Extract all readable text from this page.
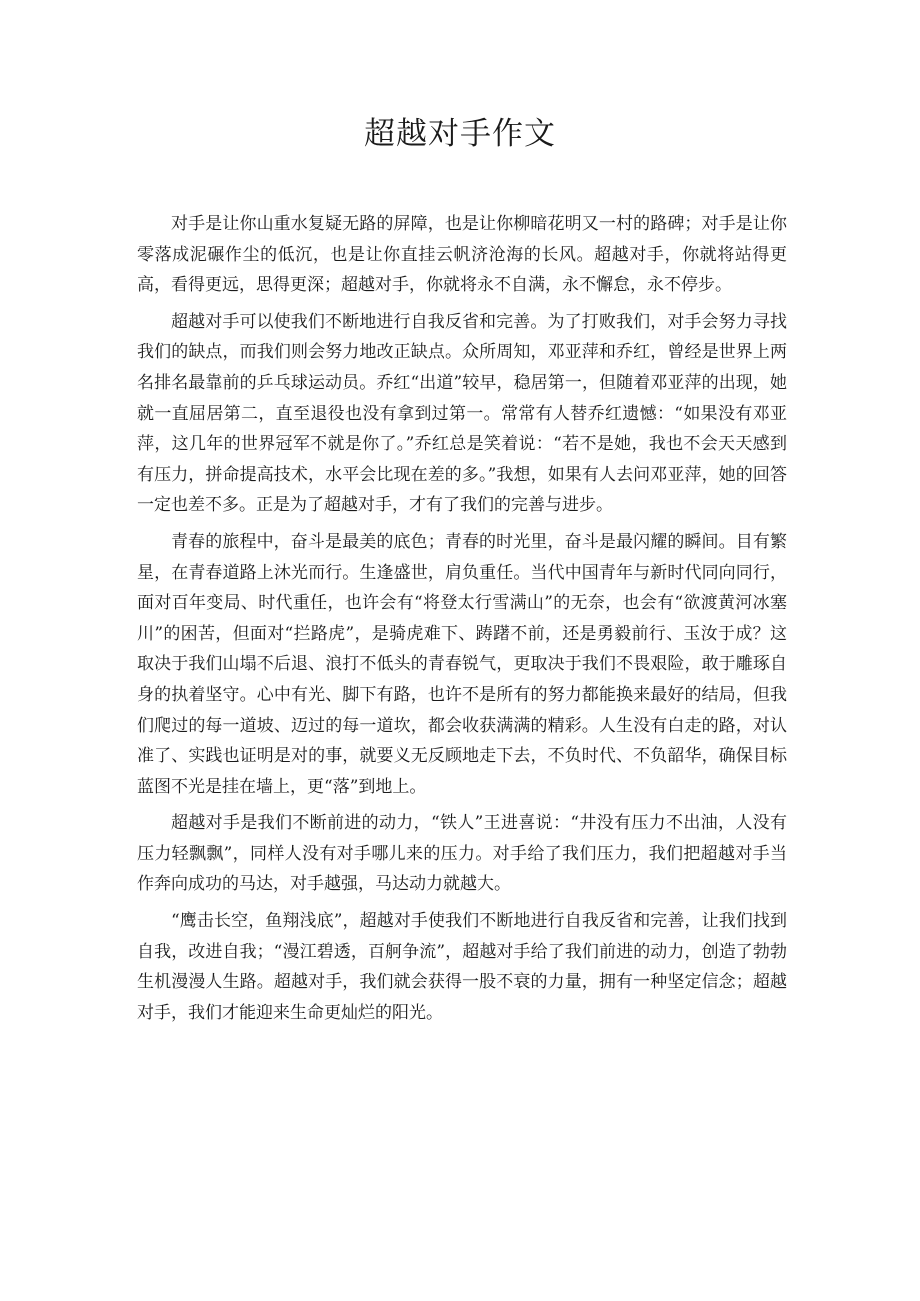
超越对手作文

对手是让你山重水复疑无路的屏障，也是让你柳暗花明又一村的路碑；对手是让你零落成泥碾作尘的低沉，也是让你直挂云帆济沧海的长风。超越对手，你就将站得更高，看得更远，思得更深；超越对手，你就将永不自满，永不懈怠，永不停步。

超越对手可以使我们不断地进行自我反省和完善。为了打败我们，对手会努力寻找我们的缺点，而我们则会努力地改正缺点。众所周知，邓亚萍和乔红，曾经是世界上两名排名最靠前的乒乓球运动员。乔红“出道”较早，稳居第一，但随着邓亚萍的出现，她就一直屈居第二，直至退役也没有拿到过第一。常常有人替乔红遗憾：“如果没有邓亚萍，这几年的世界冠军不就是你了。”乔红总是笑着说：“若不是她，我也不会天天感到有压力，拼命提高技术，水平会比现在差的多。”我想，如果有人去问邓亚萍，她的回答一定也差不多。正是为了超越对手，才有了我们的完善与进步。

青春的旅程中，奋斗是最美的底色；青春的时光里，奋斗是最闪耀的瞬间。目有繁星，在青春道路上沐光而行。生逢盛世，肩负重任。当代中国青年与新时代同向同行，面对百年变局、时代重任，也许会有“将登太行雪满山”的无奈，也会有“欲渡黄河冰塞川”的困苦，但面对“拦路虎”，是骑虎难下、踌躇不前，还是勇毅前行、玉汝于成？这取决于我们山塌不后退、浪打不低头的青春锐气，更取决于我们不畏艰险，敢于雕琢自身的执着坚守。心中有光、脚下有路，也许不是所有的努力都能换来最好的结局，但我们爬过的每一道坡、迈过的每一道坎，都会收获满满的精彩。人生没有白走的路，对认准了、实践也证明是对的事，就要义无反顾地走下去，不负时代、不负韶华，确保目标蓝图不光是挂在墙上，更“落”到地上。

超越对手是我们不断前进的动力，“铁人”王进喜说：“井没有压力不出油，人没有压力轻飘飘”，同样人没有对手哪儿来的压力。对手给了我们压力，我们把超越对手当作奔向成功的马达，对手越强，马达动力就越大。

“鹰击长空，鱼翔浅底”，超越对手使我们不断地进行自我反省和完善，让我们找到自我，改进自我；“漫江碧透，百舸争流”，超越对手给了我们前进的动力，创造了勃勃生机漫漫人生路。超越对手，我们就会获得一股不衰的力量，拥有一种坚定信念；超越对手，我们才能迎来生命更灿烂的阳光。
